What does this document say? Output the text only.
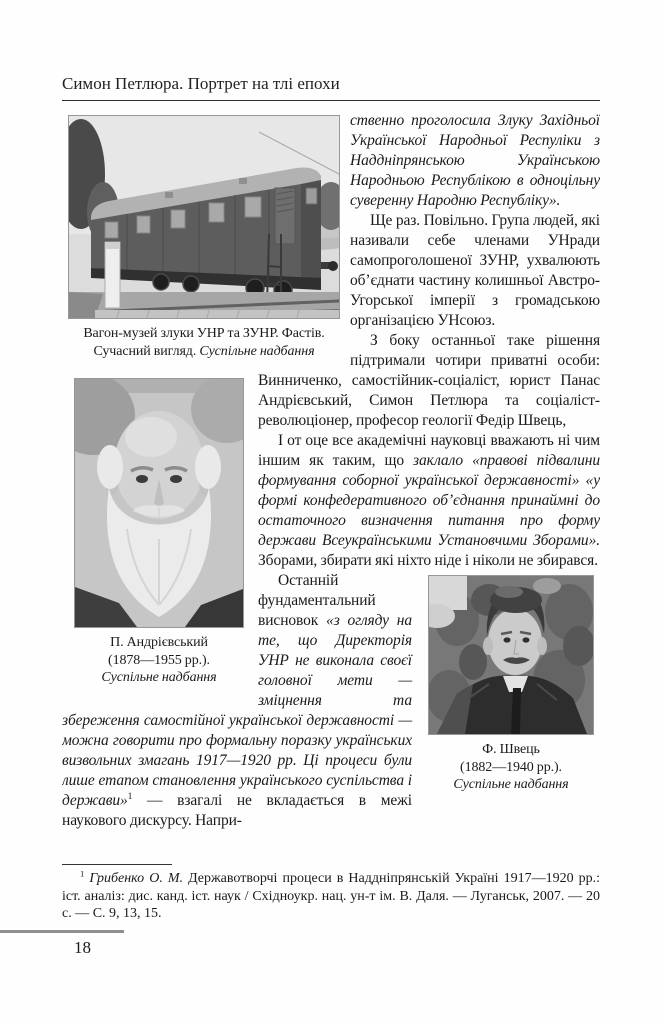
Симон Петлюра. Портрет на тлі епохи
Вагон-музей злуки УНР та ЗУНР. Фастів.
Сучасний вигляд. Суспільне надбання
П. Андрієвський
(1878—1955 рр.).
Суспільне надбання

ственно проголосила Злуку Західньої Української Народньої Респуліки з Наддніпрянською Українською Народньою Республікою в одноцільну суверенну Народню Республіку».

Ще раз. Повільно. Група людей, які називали себе членами УНради самопроголошеної ЗУНР, ухвалюють об’єднати частину колишньої Австро-Угорської імперії з громадською організацією УНсоюз.

З боку останньої таке рішення підтримали чотири приватні особи: Винниченко, самостійник-соціаліст, юрист Панас Андрієвський, Симон Петлюра та соціаліст-революціонер, професор геології Федір Швець,

І от оце все академічні науковці вважають ні чим іншим як таким, що заклало «правові підвалини формування соборної української державності» «у формі конфедеративного об’єднання принаймні до остаточного визначення питання про форму держави Всеукраїнськими Установчими Зборами». Зборами, збирати які ніхто ніде і ніколи не збирався.

Ф. Швець
(1882—1940 рр.).
Суспільне надбання

Останній фундаментальний висновок «з огляду на те, що Директорія УНР не виконала своєї головної мети — зміцнення та збереження самостійної української державності — можна говорити про формальну поразку українських визвольних змагань 1917—1920 рр. Ці процеси були лише етапом становлення українського суспільства і держави»$^1$ — взагалі не вкладається в межі наукового дискурсу. Напри-

$^1$ Грибенко О. М. Державотворчі процеси в Наддніпрянській Україні 1917—1920 рр.: іст. аналіз: дис. канд. іст. наук / Східноукр. нац. ун-т ім. В. Даля. — Луганськ, 2007. — 20 с. — С. 9, 13, 15.

18
